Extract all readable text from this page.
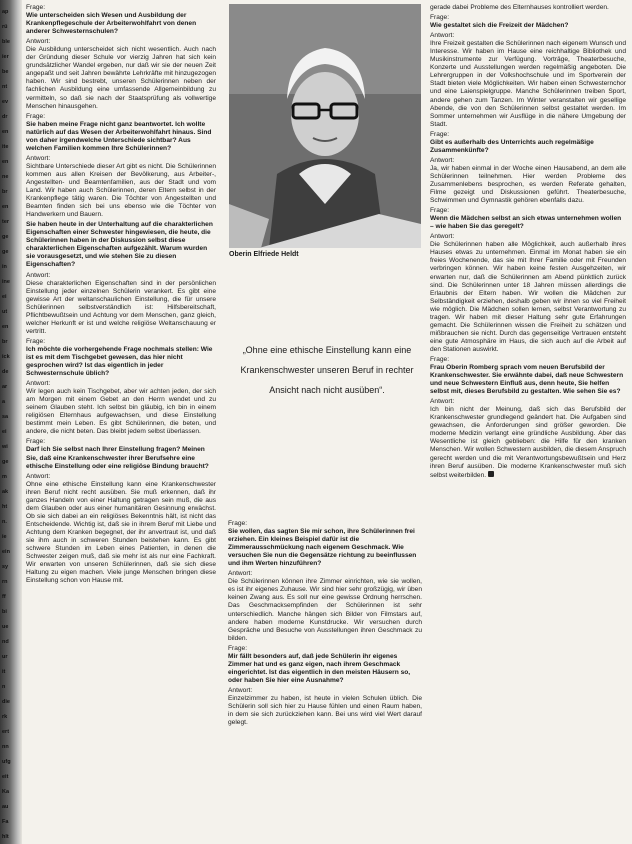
ap
rü
ble
ier
be
nt
ev
dr
en
ite
en
ne
br
en
ter
ge
ge
in
ine
ei
ut
en
br
ick
de
ar
a
sa
ei
wi
ge
m
ak
ht
n.
ie
ein
sy
rn
ff
bi
ue
nd
ur
it
n
die
rk
ert
nn
ufg
eit
Ka
au
Fa
hlt
Frage:
Wie unterscheiden sich Wesen und Ausbildung der Krankenpflegeschule der Arbeiterwohlfahrt von denen anderer Schwesternschulen?
Antwort:
Die Ausbildung unterscheidet sich nicht wesentlich. Auch nach der Gründung dieser Schule vor vierzig Jahren hat sich kein grundsätzlicher Wandel ergeben, nur daß wir sie der neuen Zeit angepaßt und seit Jahren bewährte Lehrkräfte mit hinzugezogen haben. Wir sind bestrebt, unseren Schülerinnen neben der fachlichen Ausbildung eine umfassende Allgemeinbildung zu vermitteln, so daß sie nach der Staatsprüfung als vollwertige Menschen hinausgehen.
Frage:
Sie haben meine Frage nicht ganz beantwortet. Ich wollte natürlich auf das Wesen der Arbeiterwohlfahrt hinaus. Sind von daher irgendwelche Unterschiede sichtbar? Aus welchen Familien kommen Ihre Schülerinnen?
Antwort:
Sichtbare Unterschiede dieser Art gibt es nicht. Die Schülerinnen kommen aus allen Kreisen der Bevölkerung, aus Arbeiter-, Angestellten- und Beamtenfamilien, aus der Stadt und vom Land. Wir haben auch Schülerinnen, deren Eltern selbst in der Krankenpflege tätig waren. Die Töchter von Angestellten und Beamten finden sich bei uns ebenso wie die Töchter von Handwerkern und Bauern.
Sie haben heute in der Unterhaltung auf die charakterlichen Eigenschaften einer Schwester hingewiesen, die heute, die Schülerinnen haben in der Diskussion selbst diese charakterlichen Eigenschaften aufgezählt. Warum wurden sie vorausgesetzt, und wie stehen Sie zu diesen Eigenschaften?
Antwort:
Diese charakterlichen Eigenschaften sind in der persönlichen Einstellung jeder einzelnen Schülerin verankert. Es gibt eine gewisse Art der weltanschaulichen Einstellung, die für unsere Schülerinnen selbstverständlich ist: Hilfsbereitschaft, Pflichtbewußtsein und Achtung vor dem Menschen, ganz gleich, welcher Herkunft er ist und welche religiöse Weltanschauung er vertritt.
Frage:
Ich möchte die vorhergehende Frage nochmals stellen: Wie ist es mit dem Tischgebet gewesen, das hier nicht gesprochen wird? Ist das eigentlich in jeder Schwesternschule üblich?
Antwort:
Wir legen auch kein Tischgebet, aber wir achten jeden, der sich am Morgen mit einem Gebet an den Herrn wendet und zu seinem Glauben steht. Ich selbst bin gläubig, ich bin in einem religiösen Elternhaus aufgewachsen, und diese Einstellung bestimmt mein Leben. Es gibt Schülerinnen, die beten, und andere, die nicht beten. Das bleibt jedem selbst überlassen.
Frage:
Darf ich Sie selbst nach Ihrer Einstellung fragen? Meinen Sie, daß eine Krankenschwester ihrer Berufsehre eine ethische Einstellung oder eine religiöse Bindung braucht?
Antwort:
Ohne eine ethische Einstellung kann eine Krankenschwester ihren Beruf nicht recht ausüben. Sie muß erkennen, daß ihr ganzes Handeln von einer Haltung getragen sein muß, die aus dem Glauben oder aus einer humanitären Gesinnung erwächst. Ob sie sich dabei an ein religiöses Bekenntnis hält, ist nicht das Entscheidende. Wichtig ist, daß sie in ihrem Beruf mit Liebe und Achtung dem Kranken begegnet, der ihr anvertraut ist, und daß sie ihm auch in schweren Stunden beistehen kann. Es gibt schwere Stunden im Leben eines Patienten, in denen die Schwester zeigen muß, daß sie mehr ist als nur eine Fachkraft. Wir erwarten von unseren Schülerinnen, daß sie sich diese Haltung zu eigen machen. Viele junge Menschen bringen diese Einstellung schon von Hause mit.
Oberin Elfriede Heldt
„Ohne eine ethische Einstellung kann eine Krankenschwester unseren Beruf in rechter Ansicht nach nicht ausüben“.
Frage:
Sie wollen, das sagten Sie mir schon, ihre Schülerinnen frei erziehen. Ein kleines Beispiel dafür ist die Zimmerausschmückung nach eigenem Geschmack. Wie versuchen Sie nun die Gegensätze richtung zu beeinflussen und ihm Werten hinzuführen?
Antwort:
Die Schülerinnen können ihre Zimmer einrichten, wie sie wollen, es ist ihr eigenes Zuhause. Wir sind hier sehr großzügig, wir üben keinen Zwang aus. Es soll nur eine gewisse Ordnung herrschen. Das Geschmacksempfinden der Schülerinnen ist sehr unterschiedlich. Manche hängen sich Bilder von Filmstars auf, andere haben moderne Kunstdrucke. Wir versuchen durch Gespräche und Besuche von Ausstellungen ihren Geschmack zu bilden.
Frage:
Mir fällt besonders auf, daß jede Schülerin ihr eigenes Zimmer hat und es ganz eigen, nach ihrem Geschmack eingerichtet. Ist das eigentlich in den meisten Häusern so, oder haben Sie hier eine Ausnahme?
Antwort:
Einzelzimmer zu haben, ist heute in vielen Schulen üblich. Die Schülerin soll sich hier zu Hause fühlen und einen Raum haben, in dem sie sich zurückziehen kann. Bei uns wird viel Wert darauf gelegt.
gerade dabei Probleme des Elternhauses kontrolliert werden.
Frage:
Wie gestaltet sich die Freizeit der Mädchen?
Antwort:
Ihre Freizeit gestalten die Schülerinnen nach eigenem Wunsch und Interesse. Wir haben im Hause eine reichhaltige Bibliothek und Musikinstrumente zur Verfügung. Vorträge, Theaterbesuche, Konzerte und Ausstellungen werden regelmäßig angeboten. Die Lehrergruppen in der Volkshochschule und im Sportverein der Stadt bieten viele Möglichkeiten. Wir haben einen Schwesternchor und eine Laienspielgruppe. Manche Schülerinnen treiben Sport, andere gehen zum Tanzen. Im Winter veranstalten wir gesellige Abende, die von den Schülerinnen selbst gestaltet werden. Im Sommer unternehmen wir Ausflüge in die nähere Umgebung der Stadt.
Frage:
Gibt es außerhalb des Unterrichts auch regelmäßige Zusammenkünfte?
Antwort:
Ja, wir haben einmal in der Woche einen Hausabend, an dem alle Schülerinnen teilnehmen. Hier werden Probleme des Zusammenlebens besprochen, es werden Referate gehalten, Filme gezeigt und Diskussionen geführt. Theaterbesuche, Schwimmen und Gymnastik gehören ebenfalls dazu.
Frage:
Wenn die Mädchen selbst an sich etwas unternehmen wollen – wie haben Sie das geregelt?
Antwort:
Die Schülerinnen haben alle Möglichkeit, auch außerhalb ihres Hauses etwas zu unternehmen. Einmal im Monat haben sie ein freies Wochenende, das sie mit Ihrer Familie oder mit Freunden verbringen können. Wir haben keine festen Ausgehzeiten, wir erwarten nur, daß die Schülerinnen am Abend pünktlich zurück sind. Die Schülerinnen unter 18 Jahren müssen allerdings die Erlaubnis der Eltern haben. Wir wollen die Mädchen zur Selbständigkeit erziehen, deshalb geben wir ihnen so viel Freiheit wie möglich. Die Mädchen sollen lernen, selbst Verantwortung zu tragen. Wir haben mit dieser Haltung sehr gute Erfahrungen gemacht. Die Schülerinnen wissen die Freiheit zu schätzen und mißbrauchen sie nicht. Durch das gegenseitige Vertrauen entsteht eine gute Atmosphäre im Haus, die sich auch auf die Arbeit auf den Stationen auswirkt.
Frage:
Frau Oberin Romberg sprach vom neuen Berufsbild der Krankenschwester. Sie erwähnte dabei, daß neue Schwestern und neue Schwestern Einfluß aus, denn heute, Sie helfen selbst mit, dieses Berufsbild zu gestalten. Wie sehen Sie es?
Antwort:
Ich bin nicht der Meinung, daß sich das Berufsbild der Krankenschwester grundlegend geändert hat. Die Aufgaben sind gewachsen, die Anforderungen sind größer geworden. Die moderne Medizin verlangt eine gründliche Ausbildung. Aber das Wesentliche ist gleich geblieben: die Hilfe für den kranken Menschen. Wir wollen Schwestern ausbilden, die diesem Anspruch gerecht werden und die mit Verantwortungsbewußtsein und Herz ihren Beruf ausüben. Die moderne Krankenschwester muß sich selbst weiterbilden.
